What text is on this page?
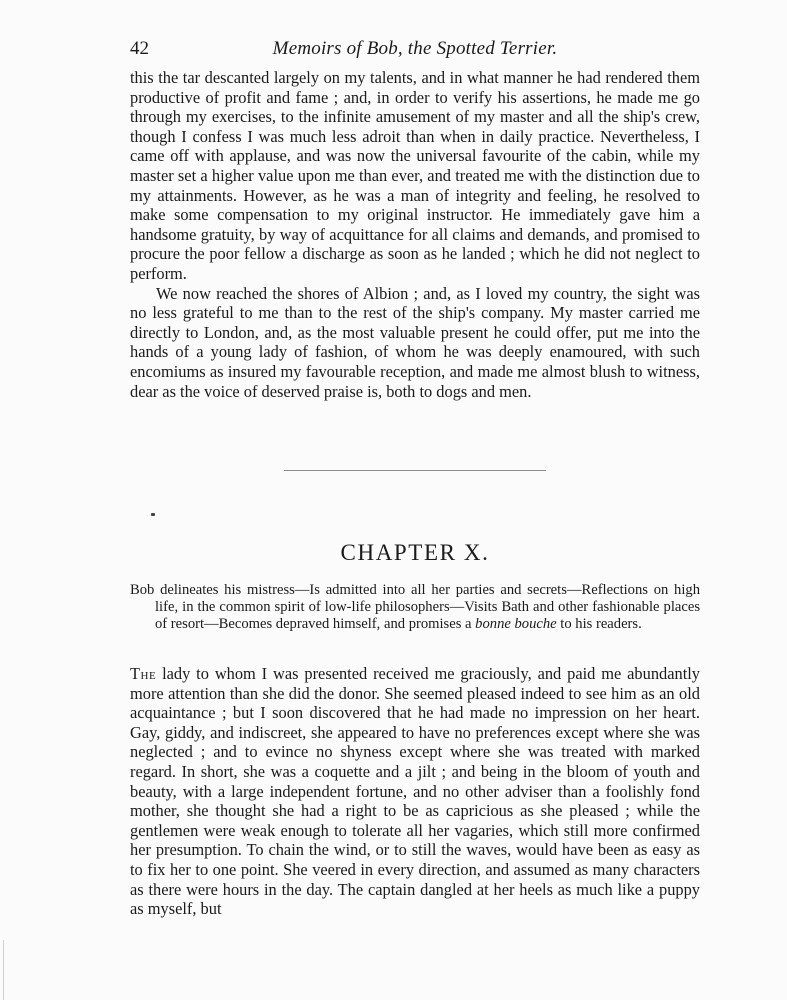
42	Memoirs of Bob, the Spotted Terrier.

this the tar descanted largely on my talents, and in what manner he had rendered them productive of profit and fame ; and, in order to verify his assertions, he made me go through my exercises, to the infinite amusement of my master and all the ship's crew, though I confess I was much less adroit than when in daily practice. Nevertheless, I came off with applause, and was now the universal favourite of the cabin, while my master set a higher value upon me than ever, and treated me with the distinction due to my attainments. However, as he was a man of integrity and feeling, he resolved to make some compensation to my original instructor. He immediately gave him a handsome gratuity, by way of acquittance for all claims and demands, and promised to procure the poor fellow a discharge as soon as he landed ; which he did not neglect to perform.

We now reached the shores of Albion ; and, as I loved my country, the sight was no less grateful to me than to the rest of the ship's company. My master carried me directly to London, and, as the most valuable present he could offer, put me into the hands of a young lady of fashion, of whom he was deeply enamoured, with such encomiums as insured my favourable reception, and made me almost blush to witness, dear as the voice of deserved praise is, both to dogs and men.

CHAPTER X.
Bob delineates his mistress—Is admitted into all her parties and secrets—Reflections on high life, in the common spirit of low-life philosophers—Visits Bath and other fashionable places of resort—Becomes depraved himself, and promises a bonne bouche to his readers.

The lady to whom I was presented received me graciously, and paid me abundantly more attention than she did the donor. She seemed pleased indeed to see him as an old acquaintance ; but I soon discovered that he had made no impression on her heart. Gay, giddy, and indiscreet, she appeared to have no preferences except where she was neglected ; and to evince no shyness except where she was treated with marked regard. In short, she was a coquette and a jilt ; and being in the bloom of youth and beauty, with a large independent fortune, and no other adviser than a foolishly fond mother, she thought she had a right to be as capricious as she pleased ; while the gentlemen were weak enough to tolerate all her vagaries, which still more confirmed her presumption. To chain the wind, or to still the waves, would have been as easy as to fix her to one point. She veered in every direction, and assumed as many characters as there were hours in the day. The captain dangled at her heels as much like a puppy as myself, but
